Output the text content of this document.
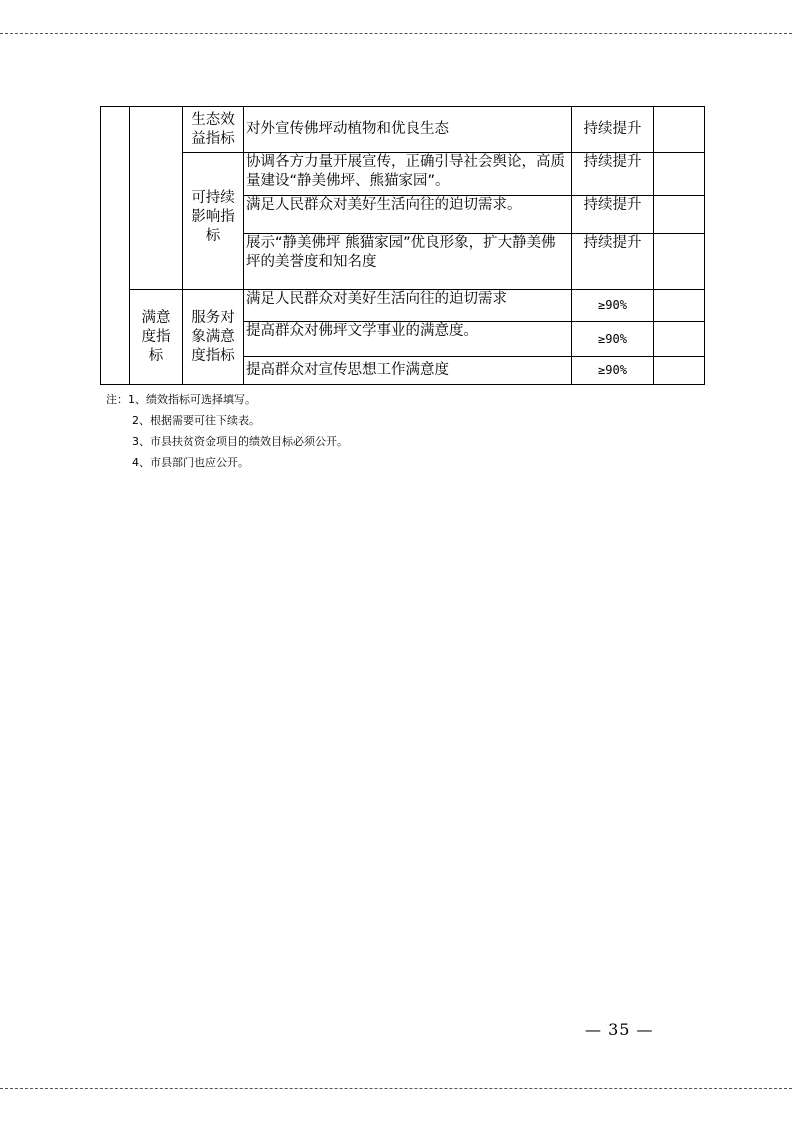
		生态效益指标	对外宣传佛坪动植物和优良生态	持续提升	
		可持续影响指标	协调各方力量开展宣传，正确引导社会舆论，高质量建设“静美佛坪、熊猫家园”。	持续提升	
			满足人民群众对美好生活向往的迫切需求。	持续提升	
			展示“静美佛坪 熊猫家园”优良形象，扩大静美佛坪的美誉度和知名度	持续提升	
	满意度指标	服务对象满意度指标	满足人民群众对美好生活向往的迫切需求	≥90%	
			提高群众对佛坪文学事业的满意度。	≥90%	
			提高群众对宣传思想工作满意度	≥90%	
注：1、绩效指标可选择填写。
2、根据需要可往下续表。
3、市县扶贫资金项目的绩效目标必须公开。
4、市县部门也应公开。
— 35 —
